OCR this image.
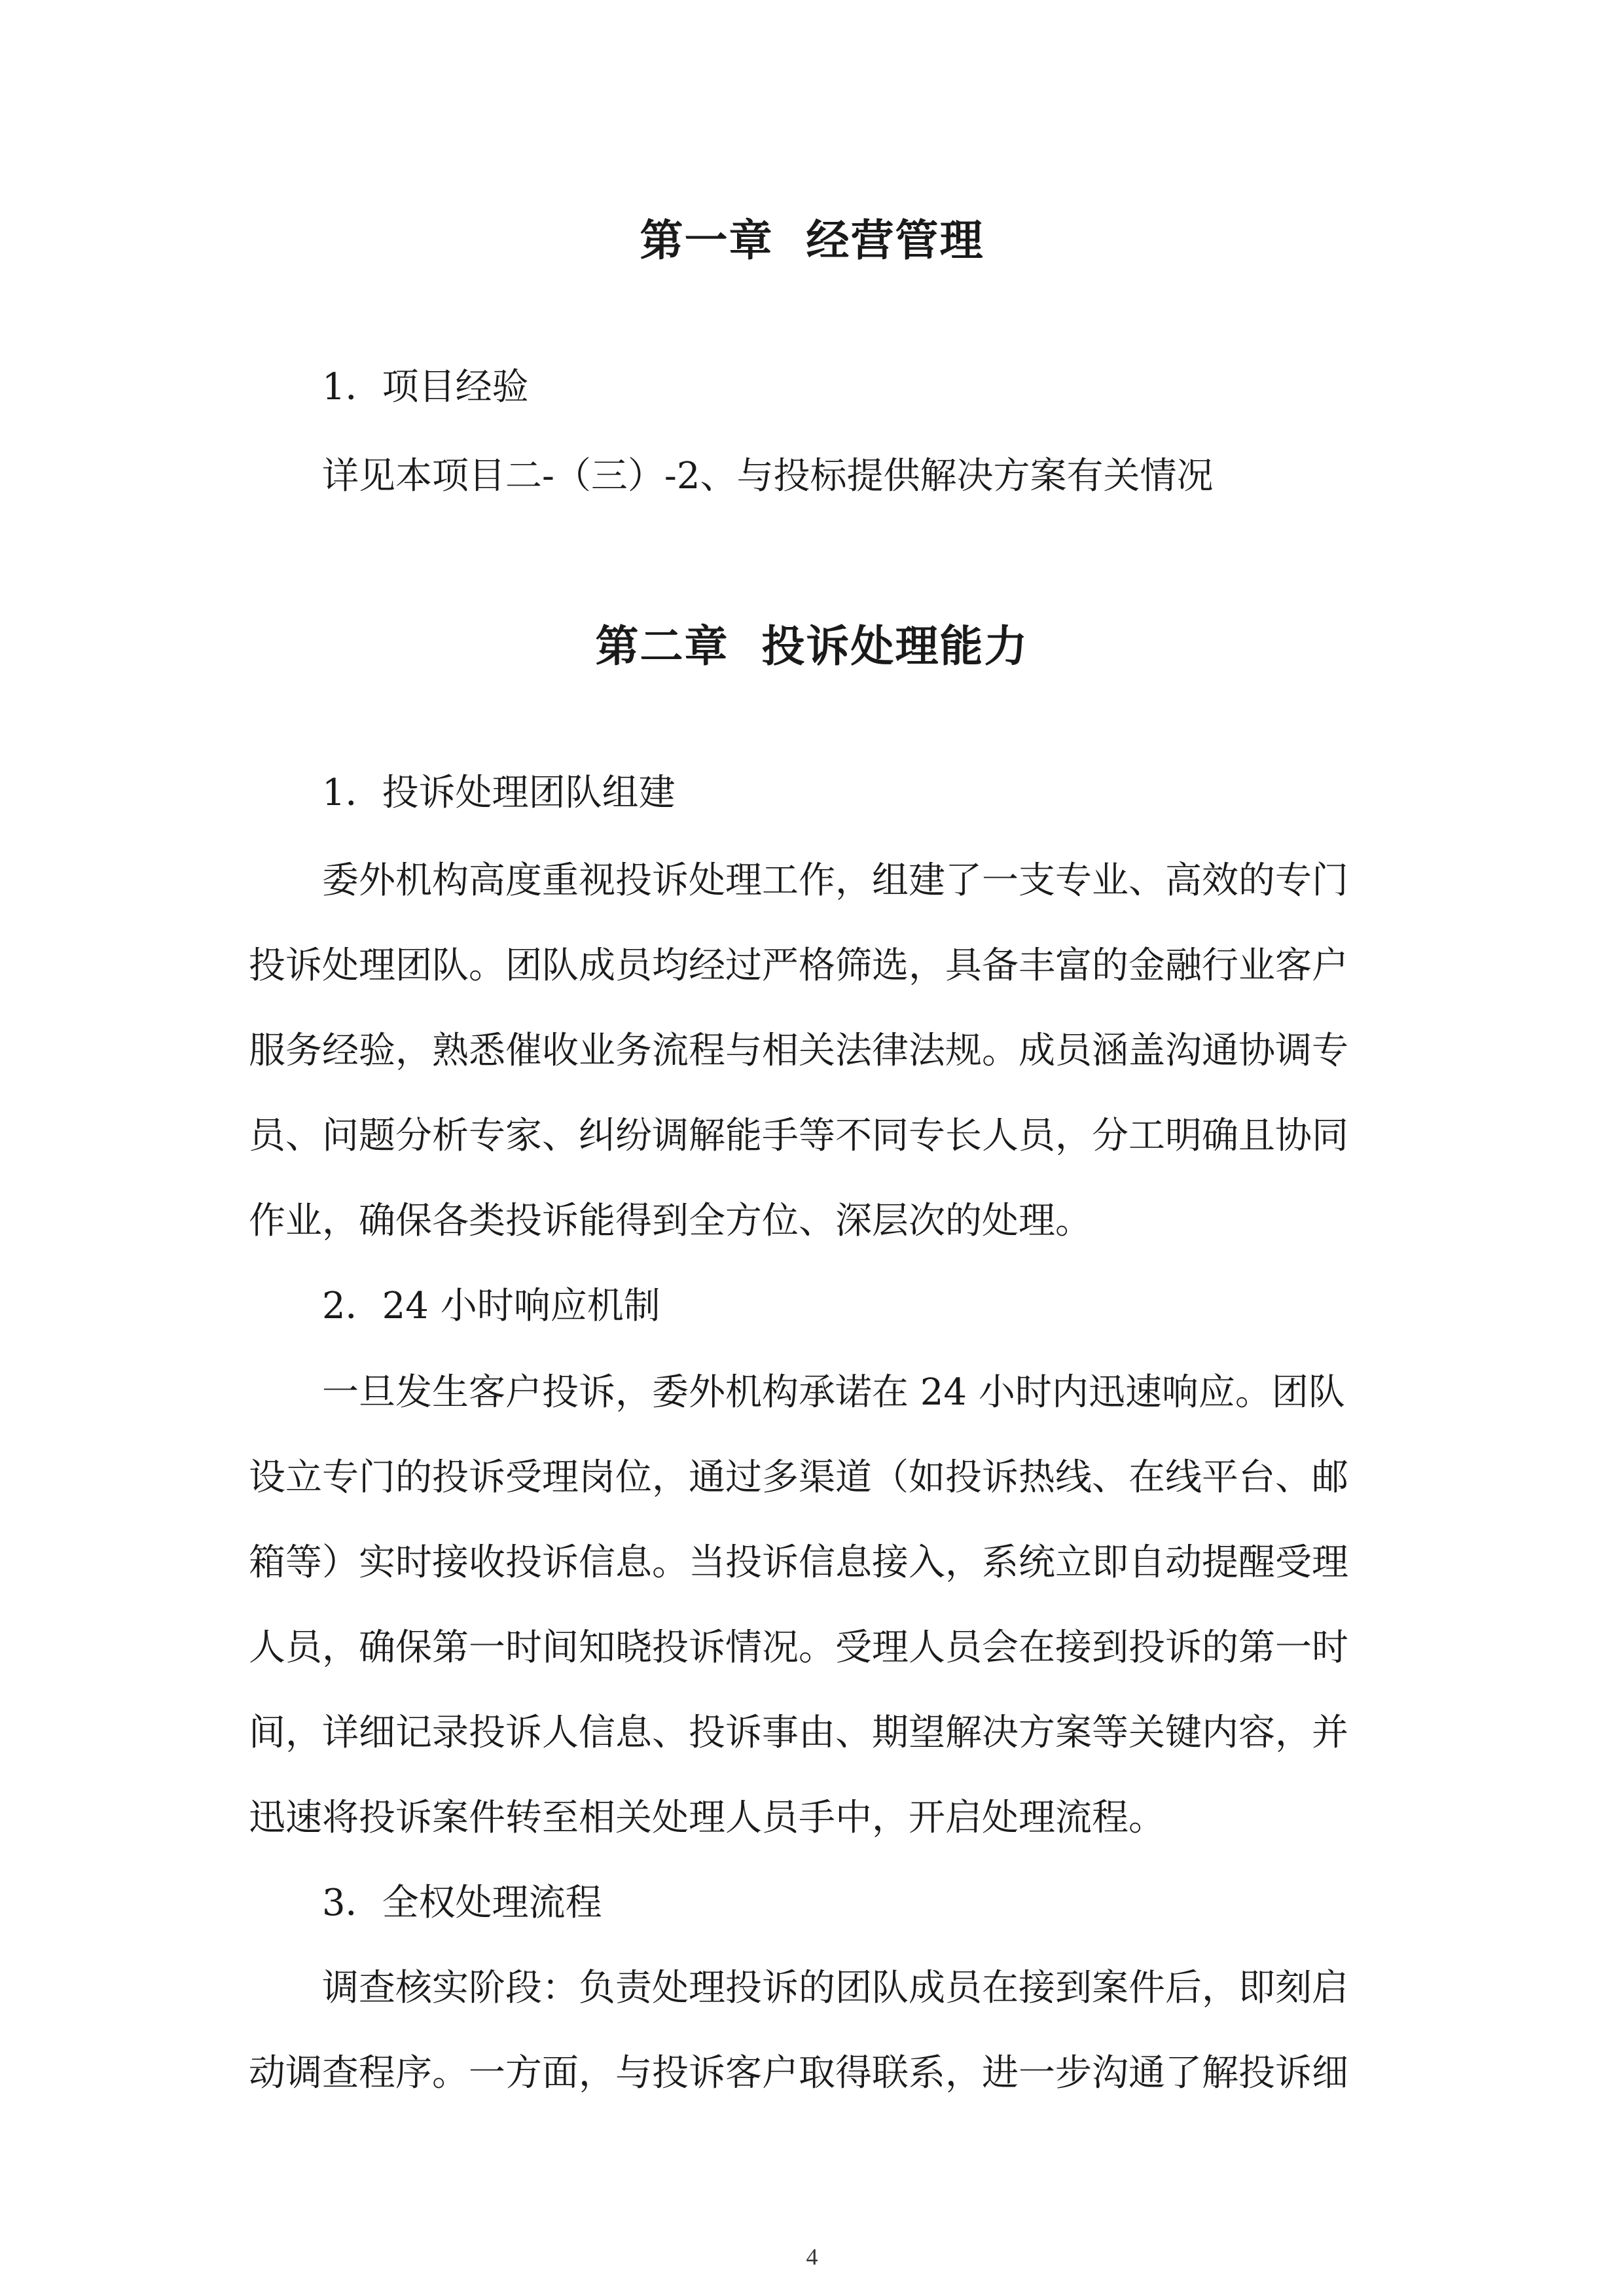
第一章  经营管理
1．项目经验
详见本项目二-（三）-2、与投标提供解决方案有关情况
第二章  投诉处理能力
1．投诉处理团队组建
委外机构高度重视投诉处理工作，组建了一支专业、高效的专门
投诉处理团队。团队成员均经过严格筛选，具备丰富的金融行业客户
服务经验，熟悉催收业务流程与相关法律法规。成员涵盖沟通协调专
员、问题分析专家、纠纷调解能手等不同专长人员，分工明确且协同
作业，确保各类投诉能得到全方位、深层次的处理。
2．24 小时响应机制
一旦发生客户投诉，委外机构承诺在 24 小时内迅速响应。团队
设立专门的投诉受理岗位，通过多渠道（如投诉热线、在线平台、邮
箱等）实时接收投诉信息。当投诉信息接入，系统立即自动提醒受理
人员，确保第一时间知晓投诉情况。受理人员会在接到投诉的第一时
间，详细记录投诉人信息、投诉事由、期望解决方案等关键内容，并
迅速将投诉案件转至相关处理人员手中，开启处理流程。
3．全权处理流程
调查核实阶段：负责处理投诉的团队成员在接到案件后，即刻启
动调查程序。一方面，与投诉客户取得联系，进一步沟通了解投诉细
4
